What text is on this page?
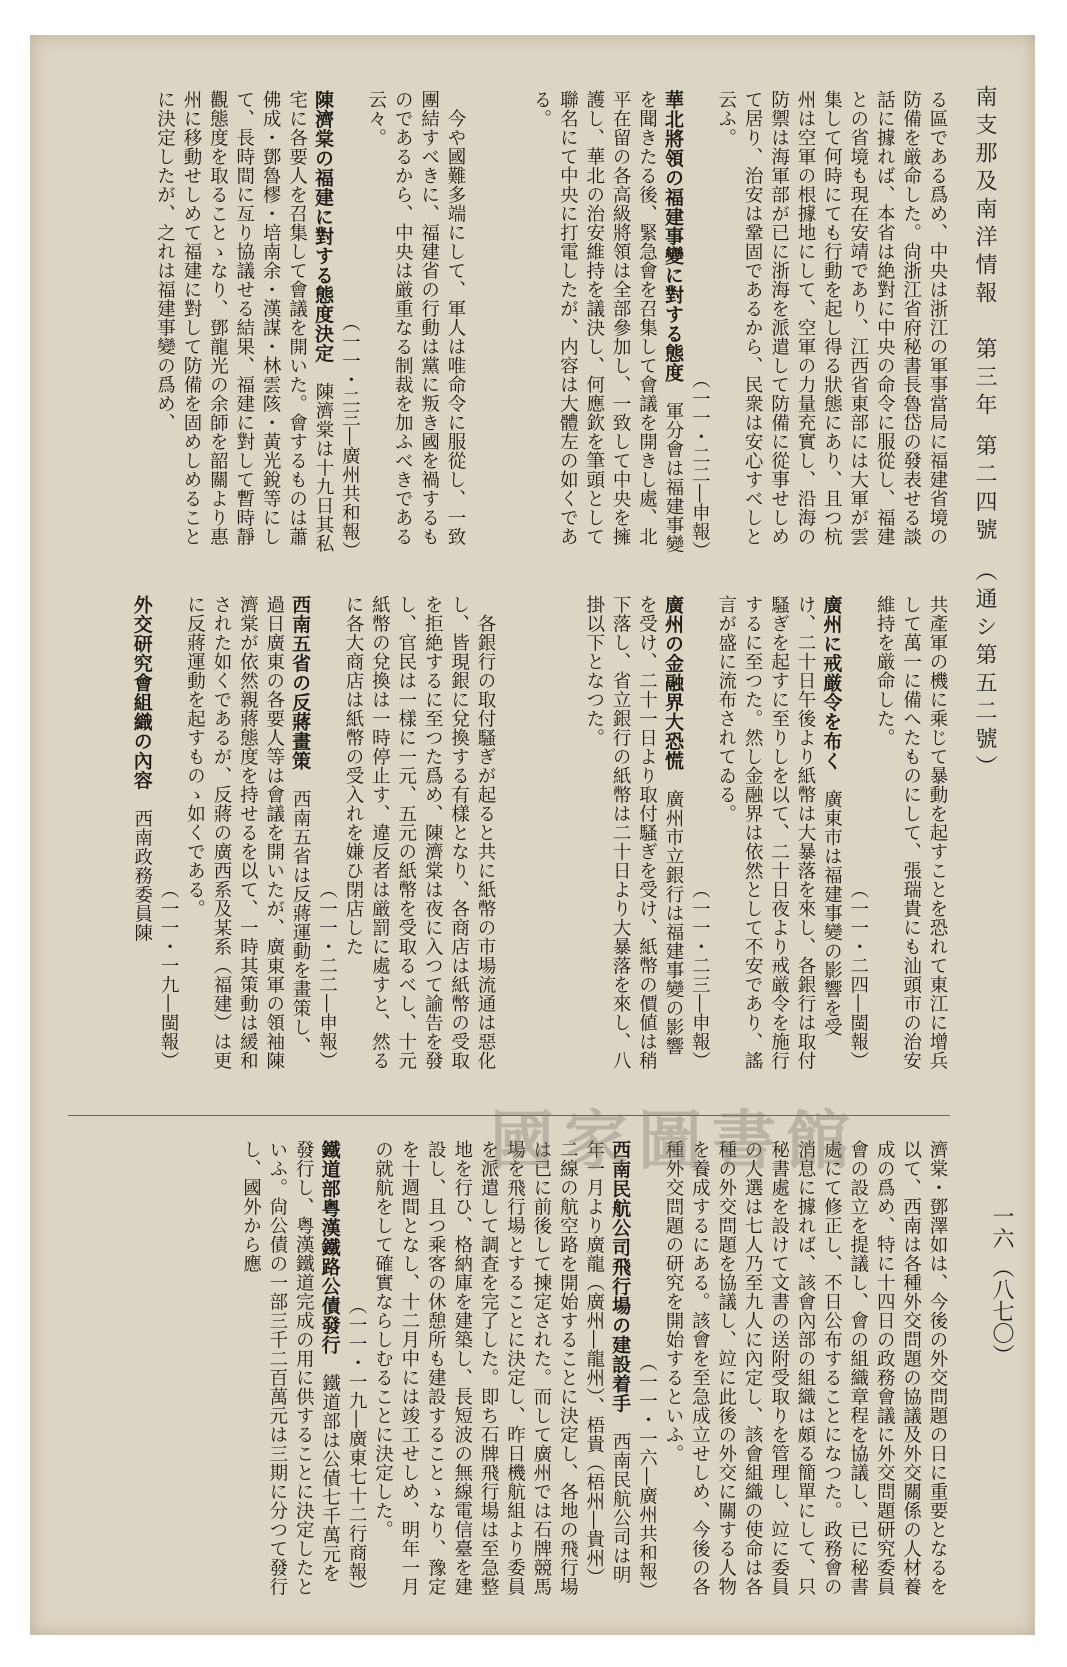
南支那及南洋情報　第三年 第二四號 （通シ第五二號）
一六 （八七〇）

る區である爲め、中央は浙江の軍事當局に福建省境の防備を厳命した。尙浙江省府秘書長魯岱の發表せる談話に據れば、本省は絶對に中央の命令に服從し、福建との省境も現在安靖であり、江西省東部には大軍が雲集して何時にても行動を起し得る狀態にあり、且つ杭州は空軍の根據地にして、空軍の力量充實し、沿海の防禦は海軍部が已に浙海を派遣して防備に從事せしめて居り、治安は鞏固であるから、民衆は安心すべしと云ふ。

（一一・二二―申報）

華北將領の福建事變に對する態度　軍分會は福建事變を聞きたる後、緊急會を召集して會議を開きし處、北平在留の各高級將領は全部參加し、一致して中央を擁護し、華北の治安維持を議決し、何應欽を筆頭として聯名にて中央に打電したが、内容は大體左の如くである。

今や國難多端にして、軍人は唯命令に服從し、一致團結すべきに、福建省の行動は黨に叛き國を禍するものであるから、中央は厳重なる制裁を加ふべきである云々。

（一一・二三―廣州共和報）

陳濟棠の福建に對する態度決定　陳濟棠は十九日其私宅に各要人を召集して會議を開いた。會するものは蕭佛成・鄧魯樛・培南余・漢謀・林雲陔・黃光銳等にして、長時間に亙り協議せる結果、福建に對して暫時靜觀態度を取ることゝなり、鄧龍光の余師を韶關より惠州に移動せしめて福建に對して防備を固めしめることに決定したが、之れは福建事變の爲め、

共產軍の機に乘じて暴動を起すことを恐れて東江に增兵して萬一に備へたものにして、張瑞貴にも汕頭市の治安維持を厳命した。

（一一・二四―閩報）

廣州に戒厳令を布く　廣東市は福建事變の影響を受け、二十日午後より紙幣は大暴落を來し、各銀行は取付騷ぎを起すに至りしを以て、二十日夜より戒厳令を施行するに至つた。然し金融界は依然として不安であり、謠言が盛に流布されてゐる。

（一一・二三―申報）

廣州の金融界大恐慌　廣州市立銀行は福建事變の影響を受け、二十一日より取付騷ぎを受け、紙幣の價値は稍下落し、省立銀行の紙幣は二十日より大暴落を來し、八掛以下となつた。

各銀行の取付騷ぎが起ると共に紙幣の市場流通は惡化し、皆現銀に兌換する有樣となり、各商店は紙幣の受取を拒絶するに至つた爲め、陳濟棠は夜に入つて諭告を發し、官民は一樣に一元、五元の紙幣を受取るべし、十元紙幣の兌換は一時停止す、違反者は厳罰に處すと、然るに各大商店は紙幣の受入れを嫌ひ閉店した

（一一・二二―申報）

西南五省の反蔣畫策　西南五省は反蔣運動を畫策し、過日廣東の各要人等は會議を開いたが、廣東軍の領袖陳濟棠が依然親蔣態度を持せるを以て、一時其策動は緩和された如くであるが、反蔣の廣西系及某系（福建）は更に反蔣運動を起すものゝ如くである。

（一一・一九―閩報）

外交研究會組織の內容　西南政務委員陳

濟棠・鄧澤如は、今後の外交問題の日に重要となるを以て、西南は各種外交問題の協議及外交關係の人材養成の爲め、特に十四日の政務會議に外交問題研究委員會の設立を提議し、會の組織章程を協議し、已に秘書處にて修正し、不日公布することになつた。政務會の消息に據れば、該會內部の組織は頗る簡單にして、只秘書處を設けて文書の送附受取りを管理し、竝に委員の人選は七人乃至九人に內定し、該會組織の使命は各種の外交問題を協議し、竝に此後の外交に關する人物を養成するにある。該會を至急成立せしめ、今後の各種外交問題の研究を開始するといふ。

（一一・一六―廣州共和報）

西南民航公司飛行場の建設着手　西南民航公司は明年一月より廣龍（廣州―龍州）、梧貴（梧州―貴州）二線の航空路を開始することに決定し、各地の飛行場は已に前後して揀定された。而して廣州では石牌競馬場を飛行場とすることに決定し、昨日機航組より委員を派遣して調査を完了した。即ち石牌飛行場は至急整地を行ひ、格納庫を建築し、長短波の無線電信臺を建設し、且つ乘客の休憩所も建設することゝなり、豫定を十週間となし、十二月中には竣工せしめ、明年一月の就航をして確實ならしむることに決定した。

（一一・一九―廣東七十二行商報）

鐵道部粤漢鐵路公債發行　鐵道部は公債七千萬元を發行し、粤漢鐵道完成の用に供することに決定したといふ。尙公債の一部三千二百萬元は三期に分つて發行し、國外から應	國家圖書館
